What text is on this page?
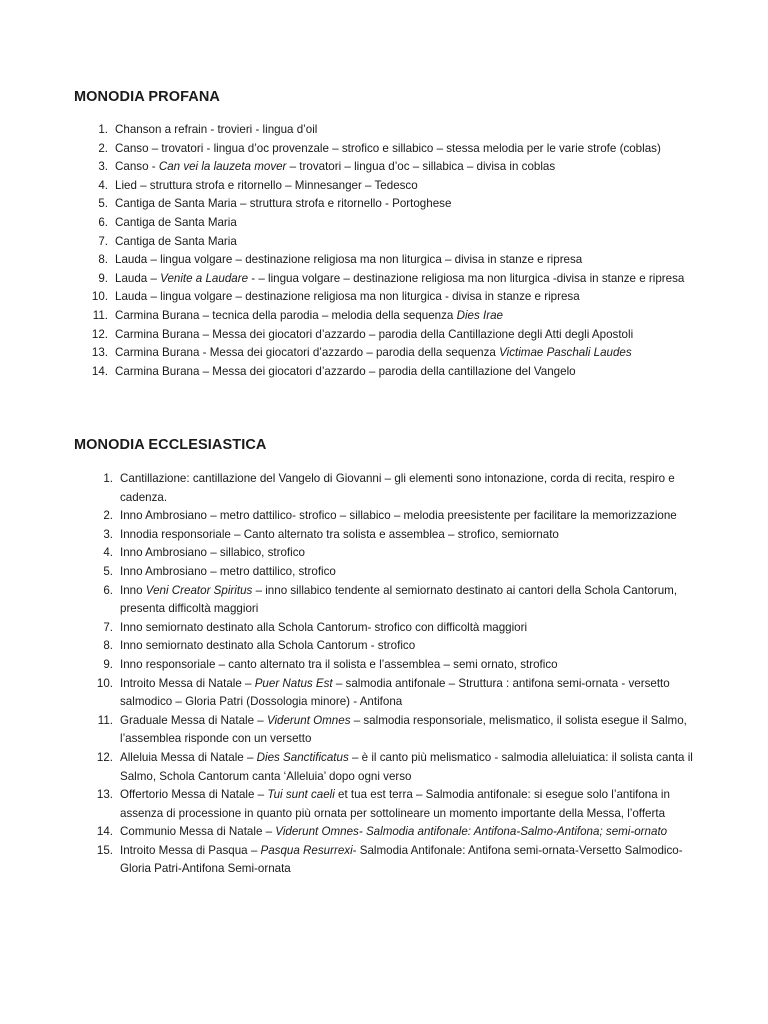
MONODIA PROFANA
1. Chanson a refrain - trovieri - lingua d’oil
2. Canso – trovatori - lingua d’oc provenzale – strofico e sillabico – stessa melodia per le varie strofe (coblas)
3. Canso - Can vei la lauzeta mover – trovatori – lingua d’oc – sillabica – divisa in coblas
4. Lied – struttura strofa e ritornello – Minnesanger – Tedesco
5. Cantiga de Santa Maria – struttura strofa e ritornello - Portoghese
6. Cantiga de Santa Maria
7. Cantiga de Santa Maria
8. Lauda – lingua volgare – destinazione religiosa ma non liturgica – divisa in stanze e ripresa
9. Lauda – Venite a Laudare - – lingua volgare – destinazione religiosa ma non liturgica -divisa in stanze e ripresa
10. Lauda – lingua volgare – destinazione religiosa ma non liturgica - divisa in stanze e ripresa
11. Carmina Burana – tecnica della parodia – melodia della sequenza Dies Irae
12. Carmina Burana – Messa dei giocatori d’azzardo – parodia della Cantillazione degli Atti degli Apostoli
13. Carmina Burana - Messa dei giocatori d’azzardo – parodia della sequenza Victimae Paschali Laudes
14. Carmina Burana – Messa dei giocatori d’azzardo – parodia della cantillazione del Vangelo
MONODIA ECCLESIASTICA
1. Cantillazione: cantillazione del Vangelo di Giovanni – gli elementi sono intonazione, corda di recita, respiro e cadenza.
2. Inno Ambrosiano – metro dattilico- strofico – sillabico – melodia preesistente per facilitare la memorizzazione
3. Innodia responsoriale – Canto alternato tra solista e assemblea – strofico, semiornato
4. Inno Ambrosiano – sillabico, strofico
5. Inno Ambrosiano – metro dattilico, strofico
6. Inno Veni Creator Spiritus – inno sillabico tendente al semiornato destinato ai cantori della Schola Cantorum, presenta difficoltà maggiori
7. Inno semiornato destinato alla Schola Cantorum- strofico con difficoltà maggiori
8. Inno semiornato destinato alla Schola Cantorum - strofico
9. Inno responsoriale – canto alternato tra il solista e l’assemblea – semi ornato, strofico
10. Introito Messa di Natale – Puer Natus Est – salmodia antifonale – Struttura : antifona semi-ornata - versetto salmodico – Gloria Patri (Dossologia minore) - Antifona
11. Graduale Messa di Natale – Viderunt Omnes – salmodia responsoriale, melismatico, il solista esegue il Salmo, l’assemblea risponde con un versetto
12. Alleluia Messa di Natale – Dies Sanctificatus – è il canto più melismatico - salmodia alleluiatica: il solista canta il Salmo, Schola Cantorum canta ‘Alleluia’ dopo ogni verso
13. Offertorio Messa di Natale – Tui sunt caeli et tua est terra – Salmodia antifonale: si esegue solo l’antifona in assenza di processione in quanto più ornata per sottolineare un momento importante della Messa, l’offerta
14. Communio Messa di Natale – Viderunt Omnes- Salmodia antifonale: Antifona-Salmo-Antifona; semi-ornato
15. Introito Messa di Pasqua – Pasqua Resurrexi- Salmodia Antifonale: Antifona semi-ornata-Versetto Salmodico-Gloria Patri-Antifona Semi-ornata
